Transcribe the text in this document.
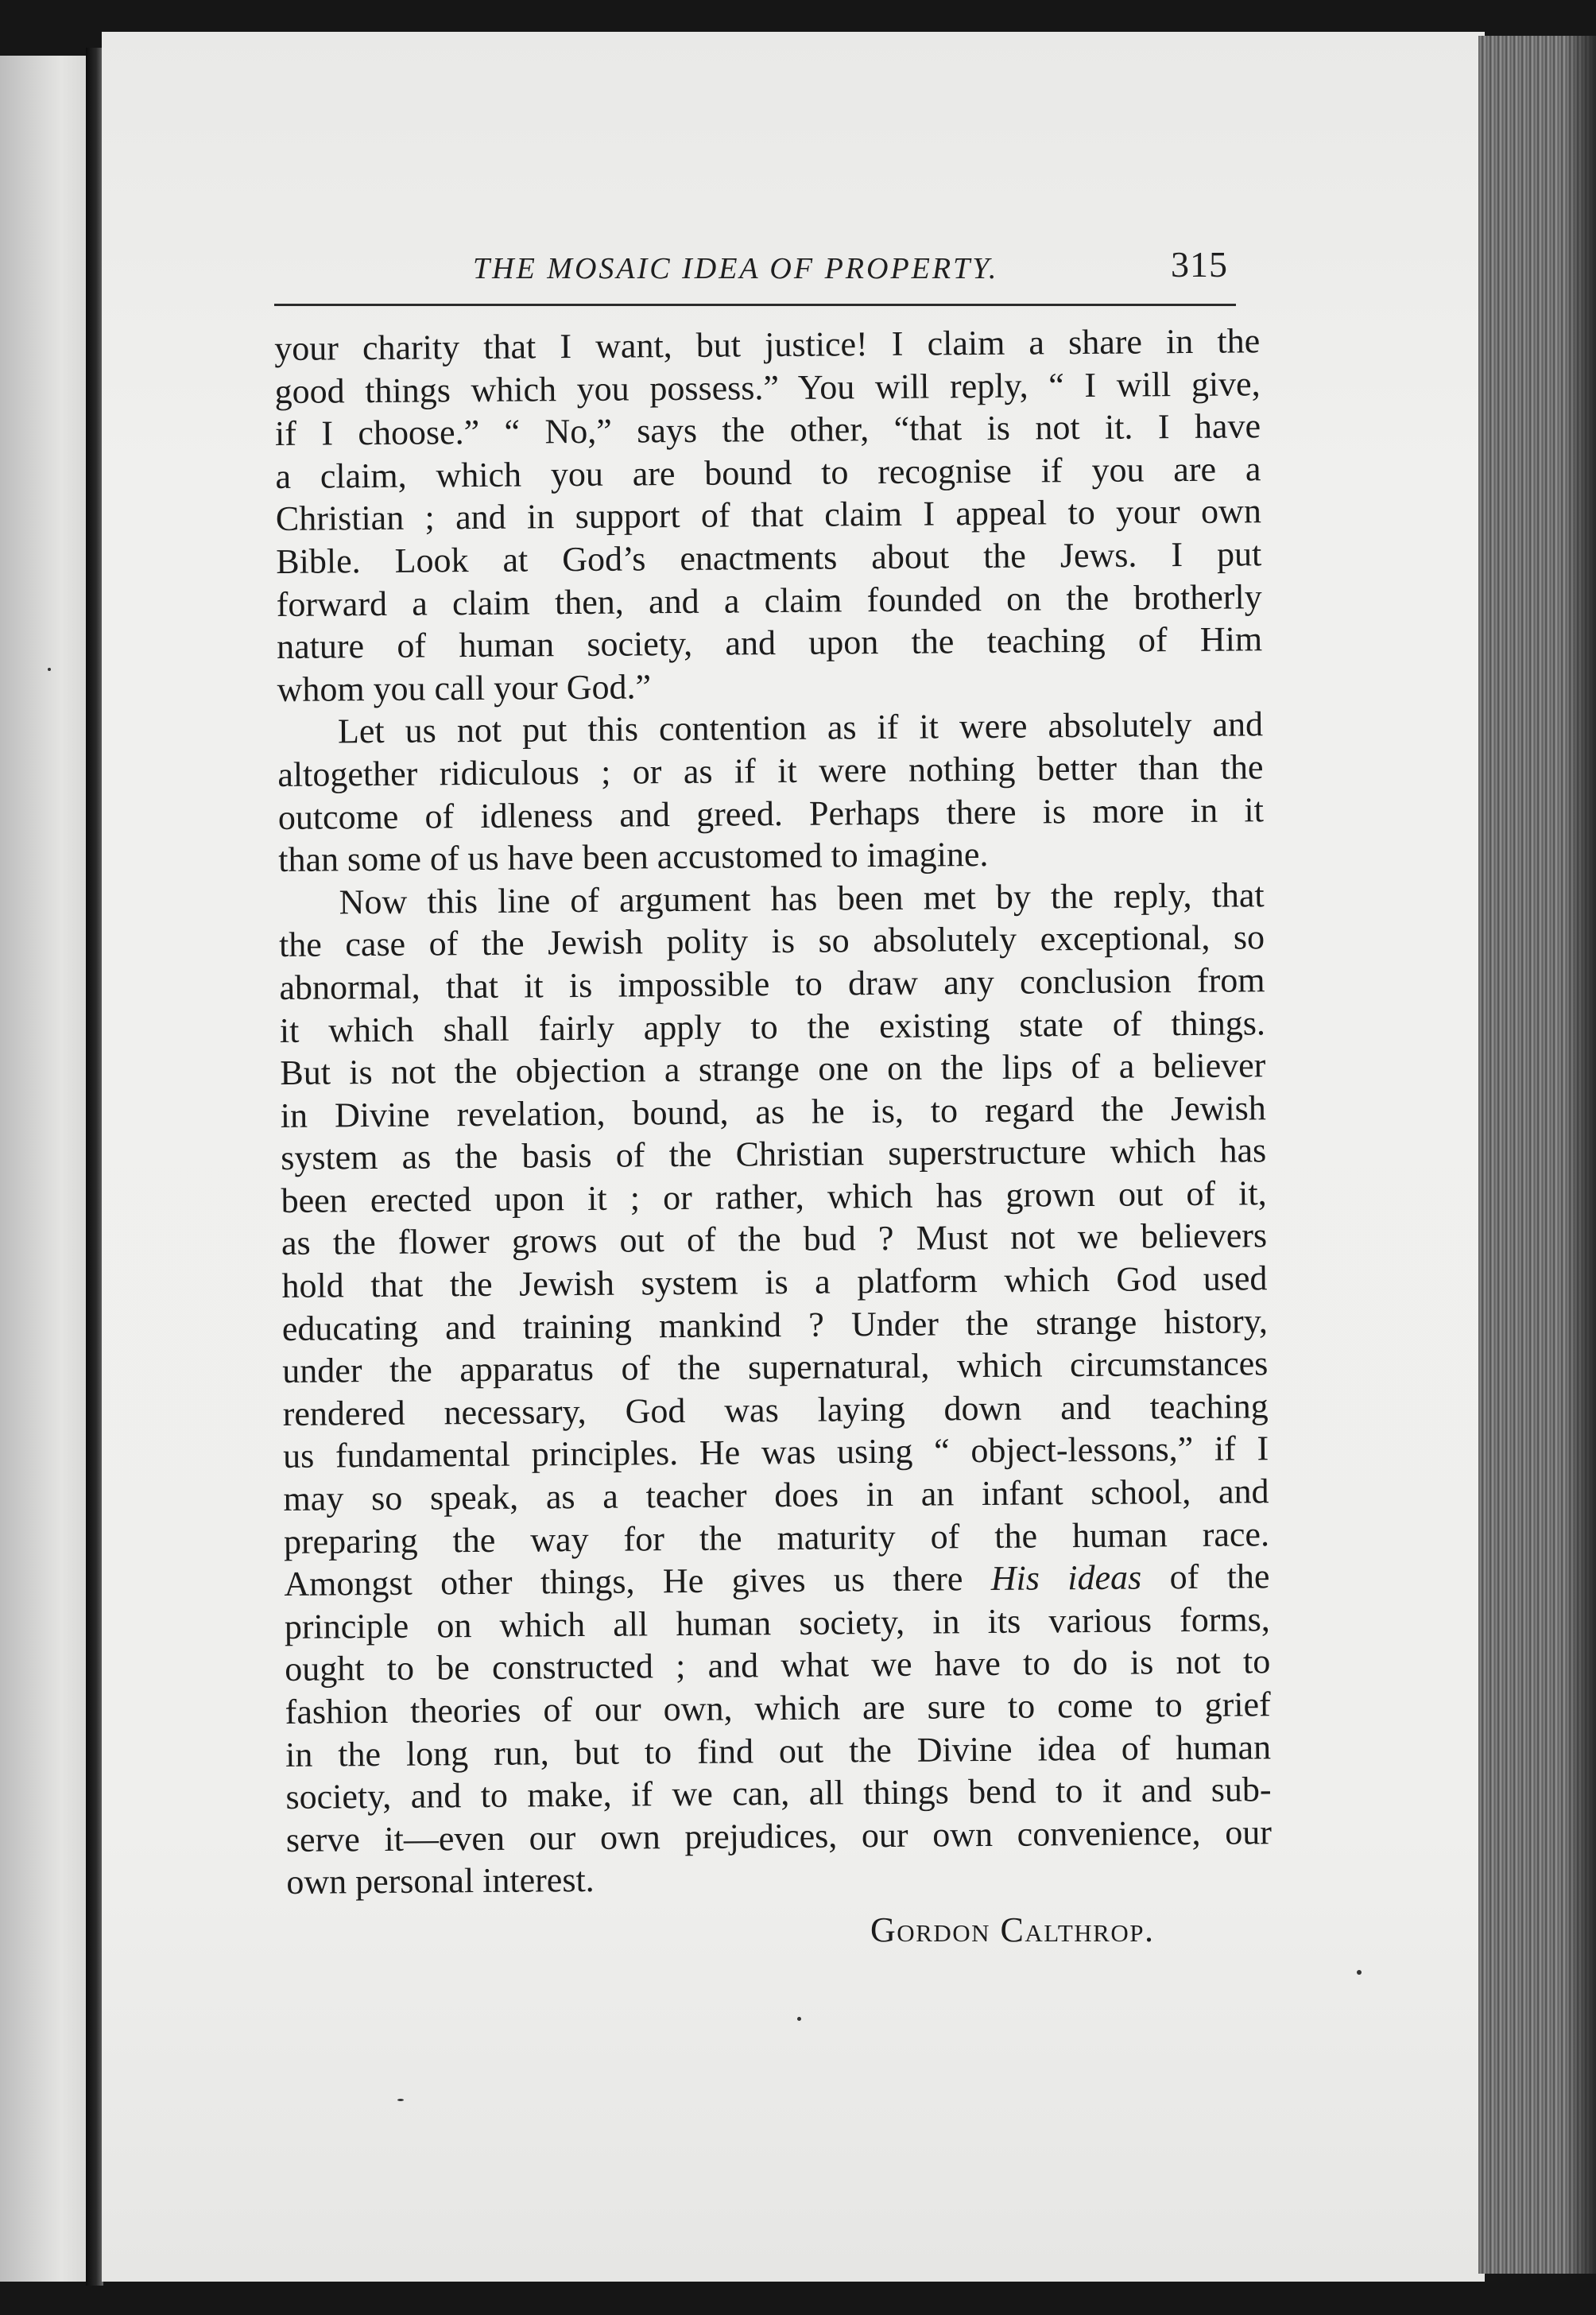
THE MOSAIC IDEA OF PROPERTY.	315
your charity that I want, but justice! I claim a share in the
good things which you possess.” You will reply, “ I will give,
if I choose.” “ No,” says the other, “that is not it. I have
a claim, which you are bound to recognise if you are a
Christian ; and in support of that claim I appeal to your own
Bible. Look at God’s enactments about the Jews. I put
forward a claim then, and a claim founded on the brotherly
nature of human society, and upon the teaching of Him
whom you call your God.”
Let us not put this contention as if it were absolutely and
altogether ridiculous ; or as if it were nothing better than the
outcome of idleness and greed. Perhaps there is more in it
than some of us have been accustomed to imagine.
Now this line of argument has been met by the reply, that
the case of the Jewish polity is so absolutely exceptional, so
abnormal, that it is impossible to draw any conclusion from
it which shall fairly apply to the existing state of things.
But is not the objection a strange one on the lips of a believer
in Divine revelation, bound, as he is, to regard the Jewish
system as the basis of the Christian superstructure which has
been erected upon it ; or rather, which has grown out of it,
as the flower grows out of the bud ? Must not we believers
hold that the Jewish system is a platform which God used
educating and training mankind ? Under the strange history,
under the apparatus of the supernatural, which circumstances
rendered necessary, God was laying down and teaching
us fundamental principles. He was using “ object-lessons,” if I
may so speak, as a teacher does in an infant school, and
preparing the way for the maturity of the human race.
Amongst other things, He gives us there His ideas of the
principle on which all human society, in its various forms,
ought to be constructed ; and what we have to do is not to
fashion theories of our own, which are sure to come to grief
in the long run, but to find out the Divine idea of human
society, and to make, if we can, all things bend to it and sub-
serve it—even our own prejudices, our own convenience, our
own personal interest.
Gordon Calthrop.
